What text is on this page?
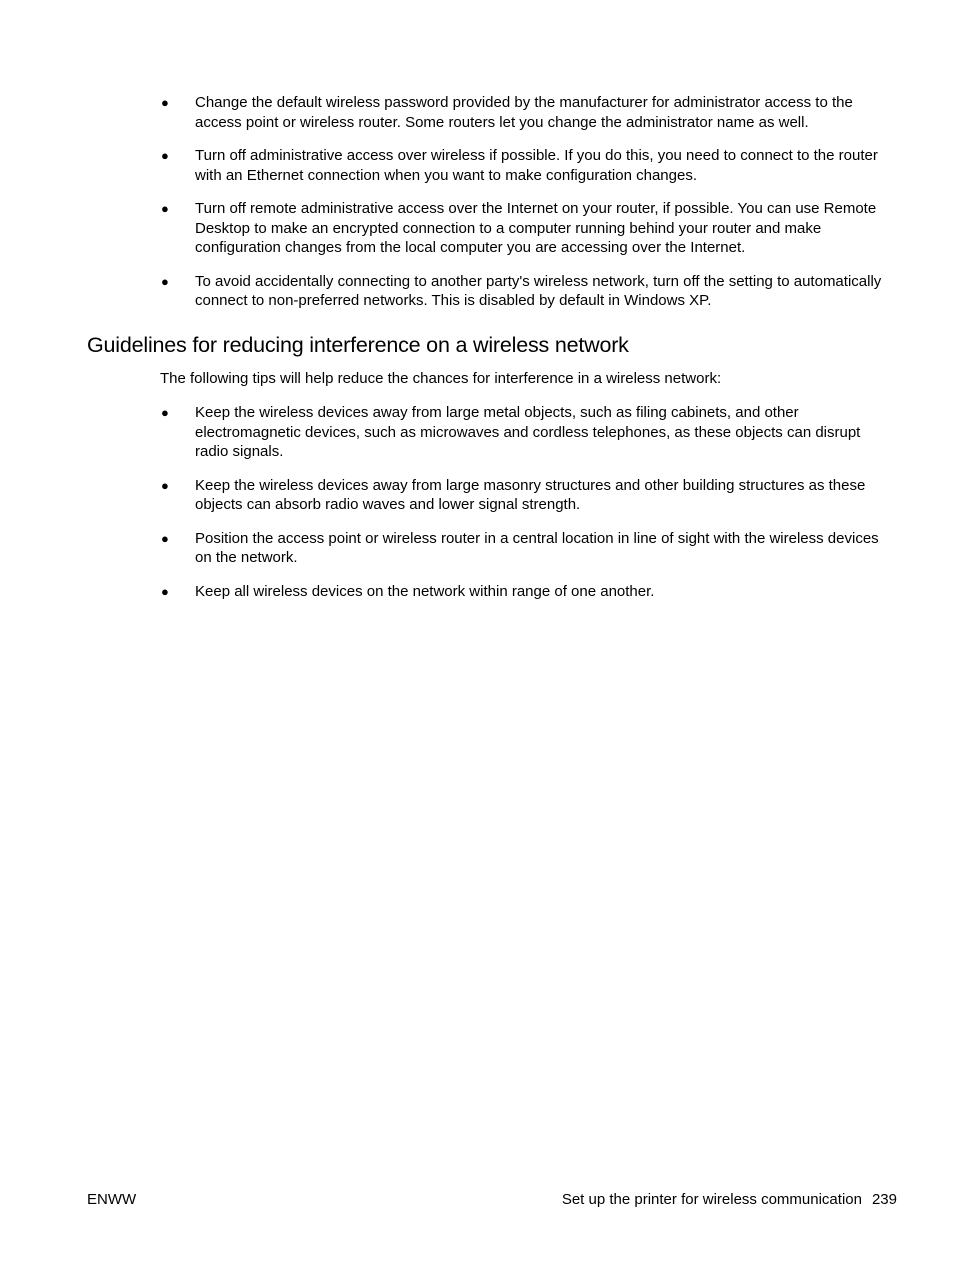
● Change the default wireless password provided by the manufacturer for administrator access to the access point or wireless router. Some routers let you change the administrator name as well.
● Turn off administrative access over wireless if possible. If you do this, you need to connect to the router with an Ethernet connection when you want to make configuration changes.
● Turn off remote administrative access over the Internet on your router, if possible. You can use Remote Desktop to make an encrypted connection to a computer running behind your router and make configuration changes from the local computer you are accessing over the Internet.
● To avoid accidentally connecting to another party's wireless network, turn off the setting to automatically connect to non-preferred networks. This is disabled by default in Windows XP.
Guidelines for reducing interference on a wireless network

The following tips will help reduce the chances for interference in a wireless network:

● Keep the wireless devices away from large metal objects, such as filing cabinets, and other electromagnetic devices, such as microwaves and cordless telephones, as these objects can disrupt radio signals.
● Keep the wireless devices away from large masonry structures and other building structures as these objects can absorb radio waves and lower signal strength.
● Position the access point or wireless router in a central location in line of sight with the wireless devices on the network.
● Keep all wireless devices on the network within range of one another.
ENWW	Set up the printer for wireless communication 239
